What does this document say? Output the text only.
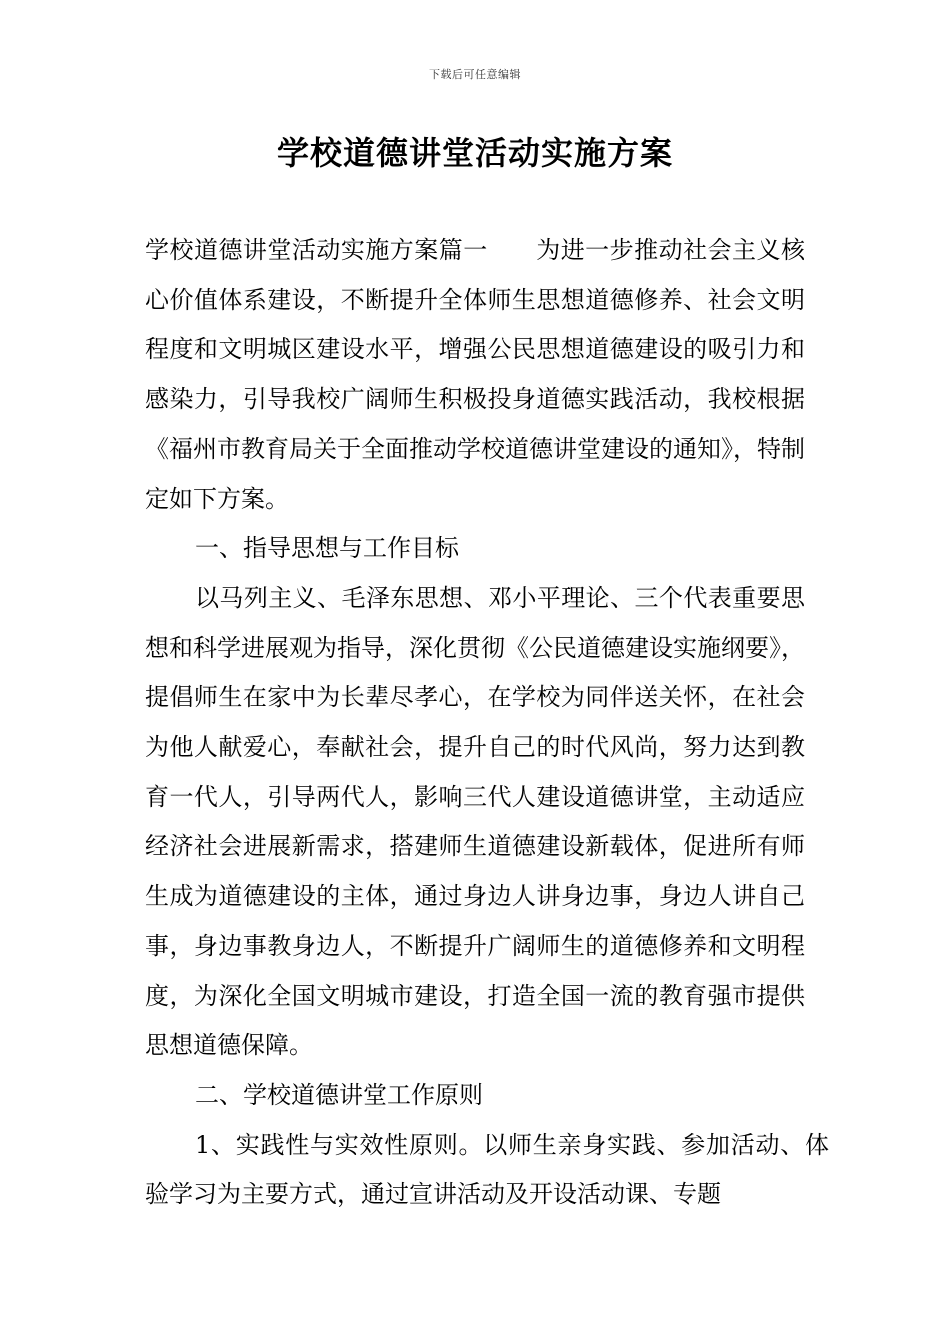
下载后可任意编辑
学校道德讲堂活动实施方案

学校道德讲堂活动实施方案篇一 为进一步推动社会主义核心价值体系建设，不断提升全体师生思想道德修养、社会文明程度和文明城区建设水平，增强公民思想道德建设的吸引力和感染力，引导我校广阔师生积极投身道德实践活动，我校根据《福州市教育局关于全面推动学校道德讲堂建设的通知》，特制定如下方案。

一、指导思想与工作目标

以马列主义、毛泽东思想、邓小平理论、三个代表重要思想和科学进展观为指导，深化贯彻《公民道德建设实施纲要》，提倡师生在家中为长辈尽孝心，在学校为同伴送关怀，在社会为他人献爱心，奉献社会，提升自己的时代风尚，努力达到教育一代人，引导两代人，影响三代人建设道德讲堂，主动适应经济社会进展新需求，搭建师生道德建设新载体，促进所有师生成为道德建设的主体，通过身边人讲身边事，身边人讲自己事，身边事教身边人，不断提升广阔师生的道德修养和文明程度，为深化全国文明城市建设，打造全国一流的教育强市提供思想道德保障。

二、学校道德讲堂工作原则

1、实践性与实效性原则。以师生亲身实践、参加活动、体验学习为主要方式，通过宣讲活动及开设活动课、专题
